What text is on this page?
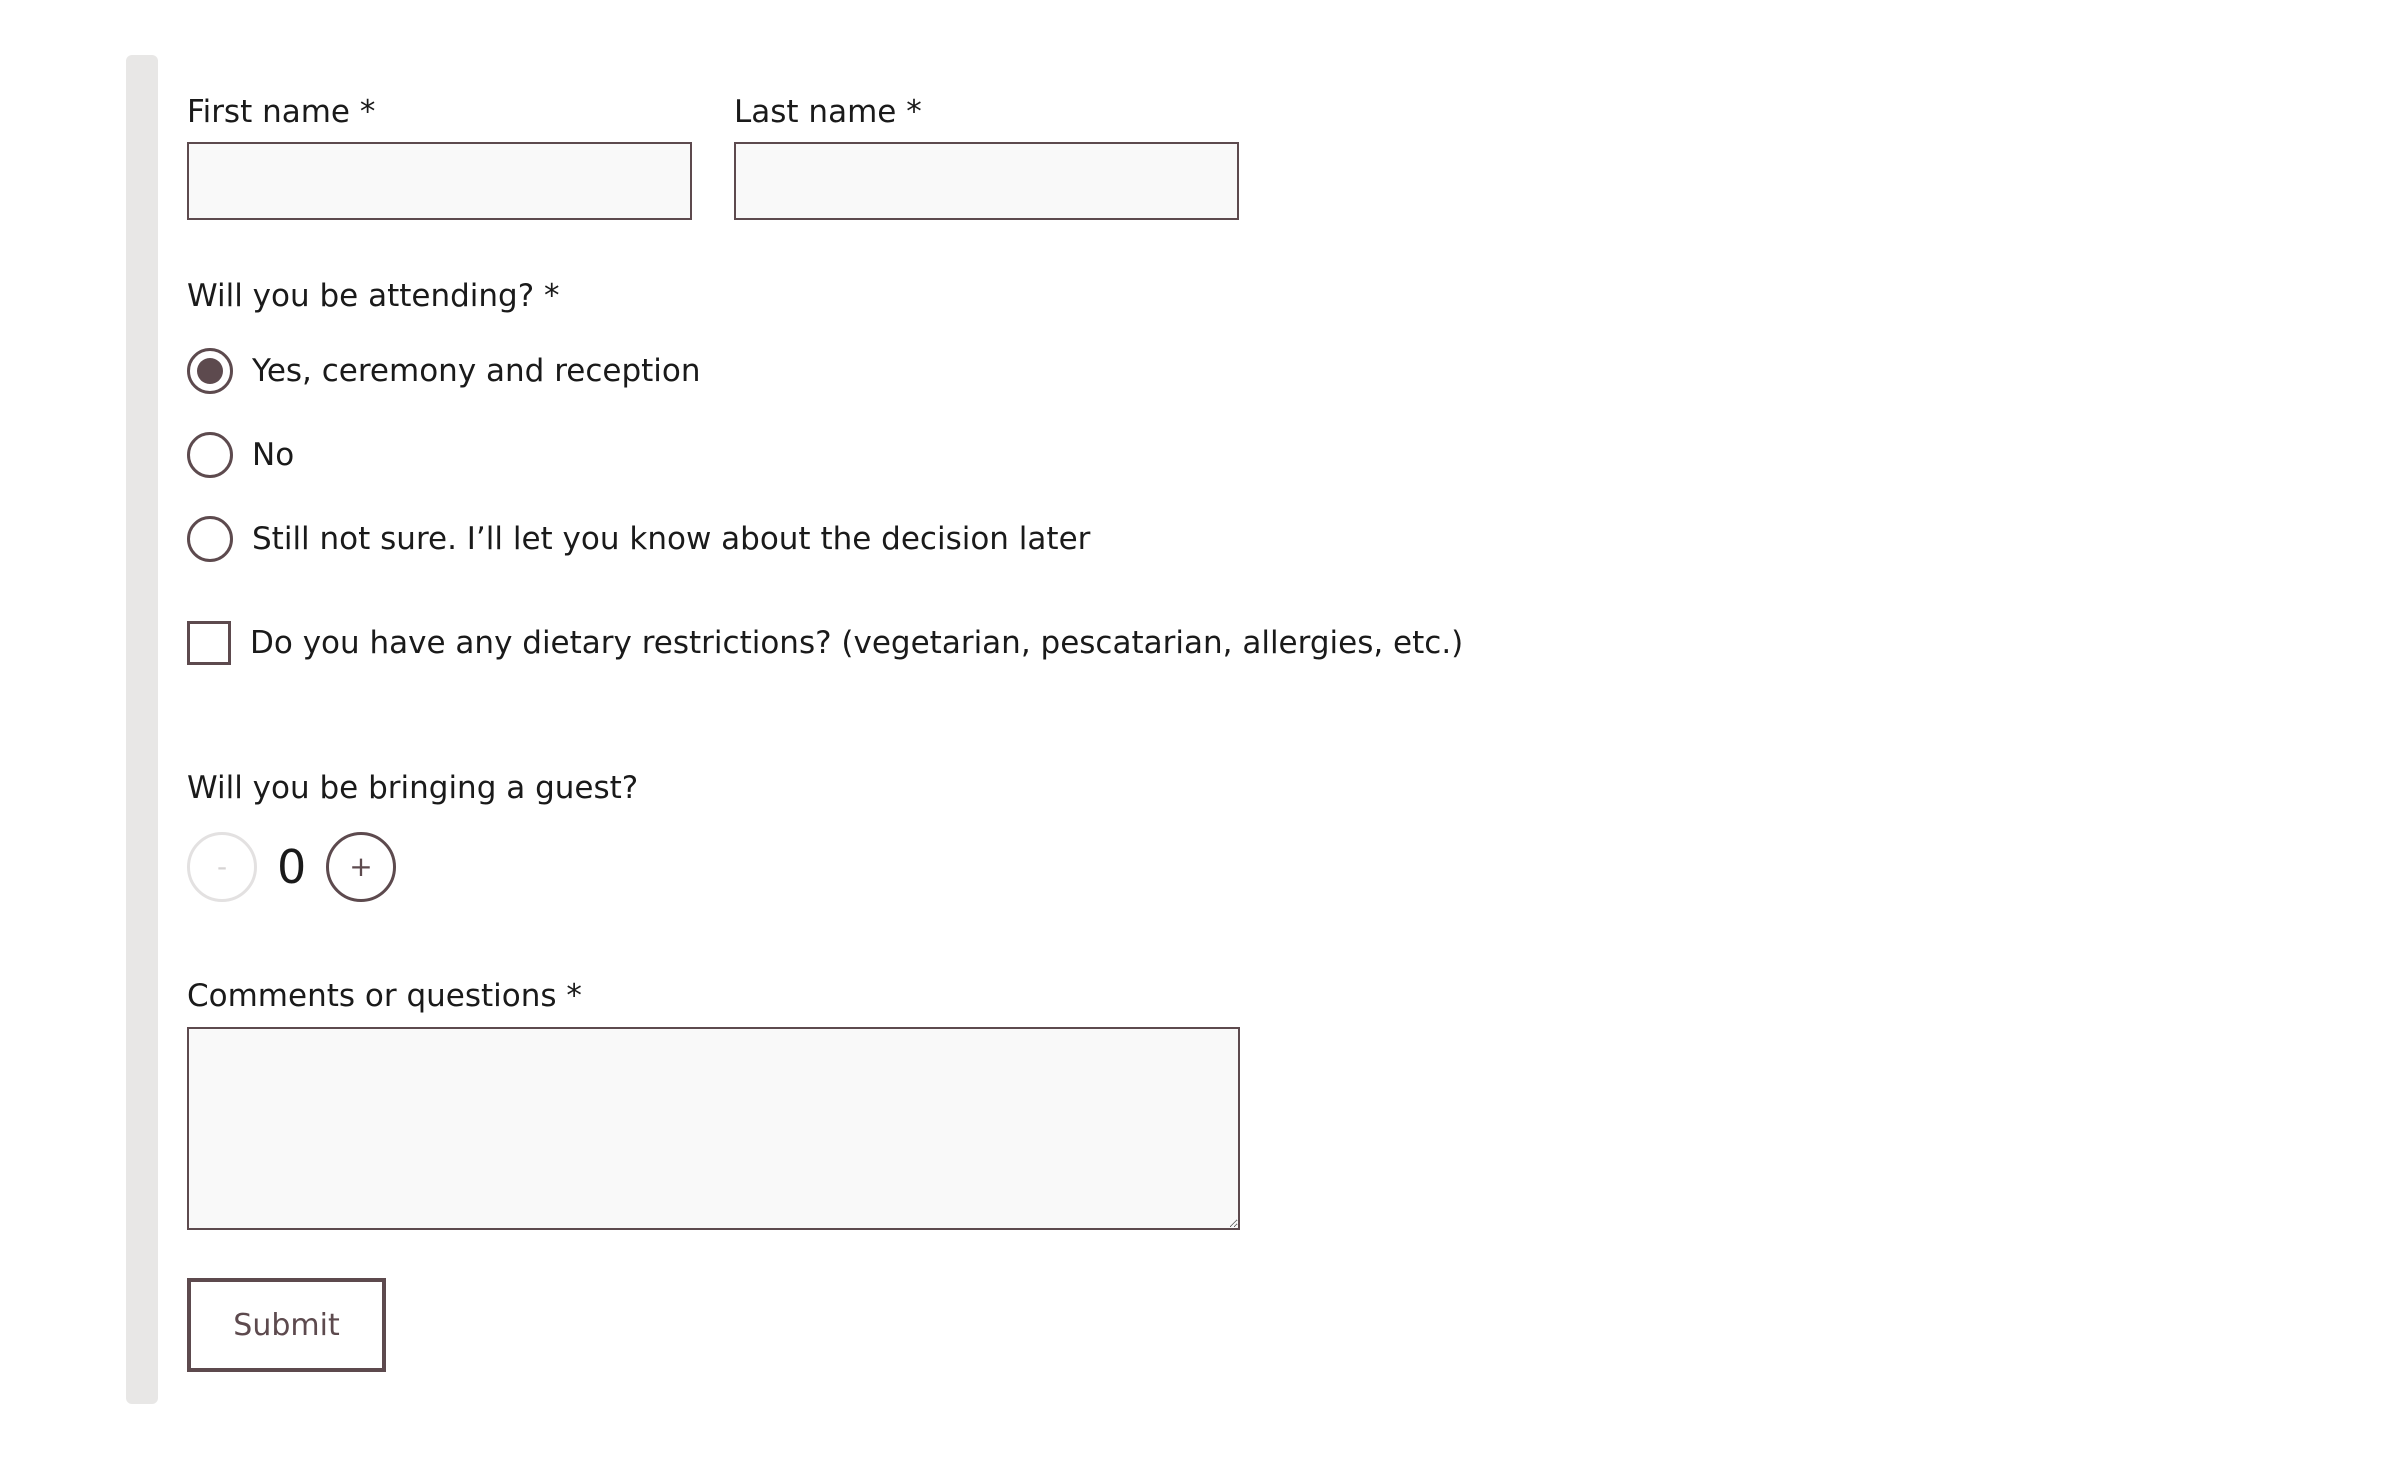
First name *	Last name *
Will you be attending? *
Yes, ceremony and reception
No
Still not sure. I’ll let you know about the decision later
Do you have any dietary restrictions? (vegetarian, pescatarian, allergies, etc.)
Will you be bringing a guest?
- 0 +
Comments or questions *
Submit
